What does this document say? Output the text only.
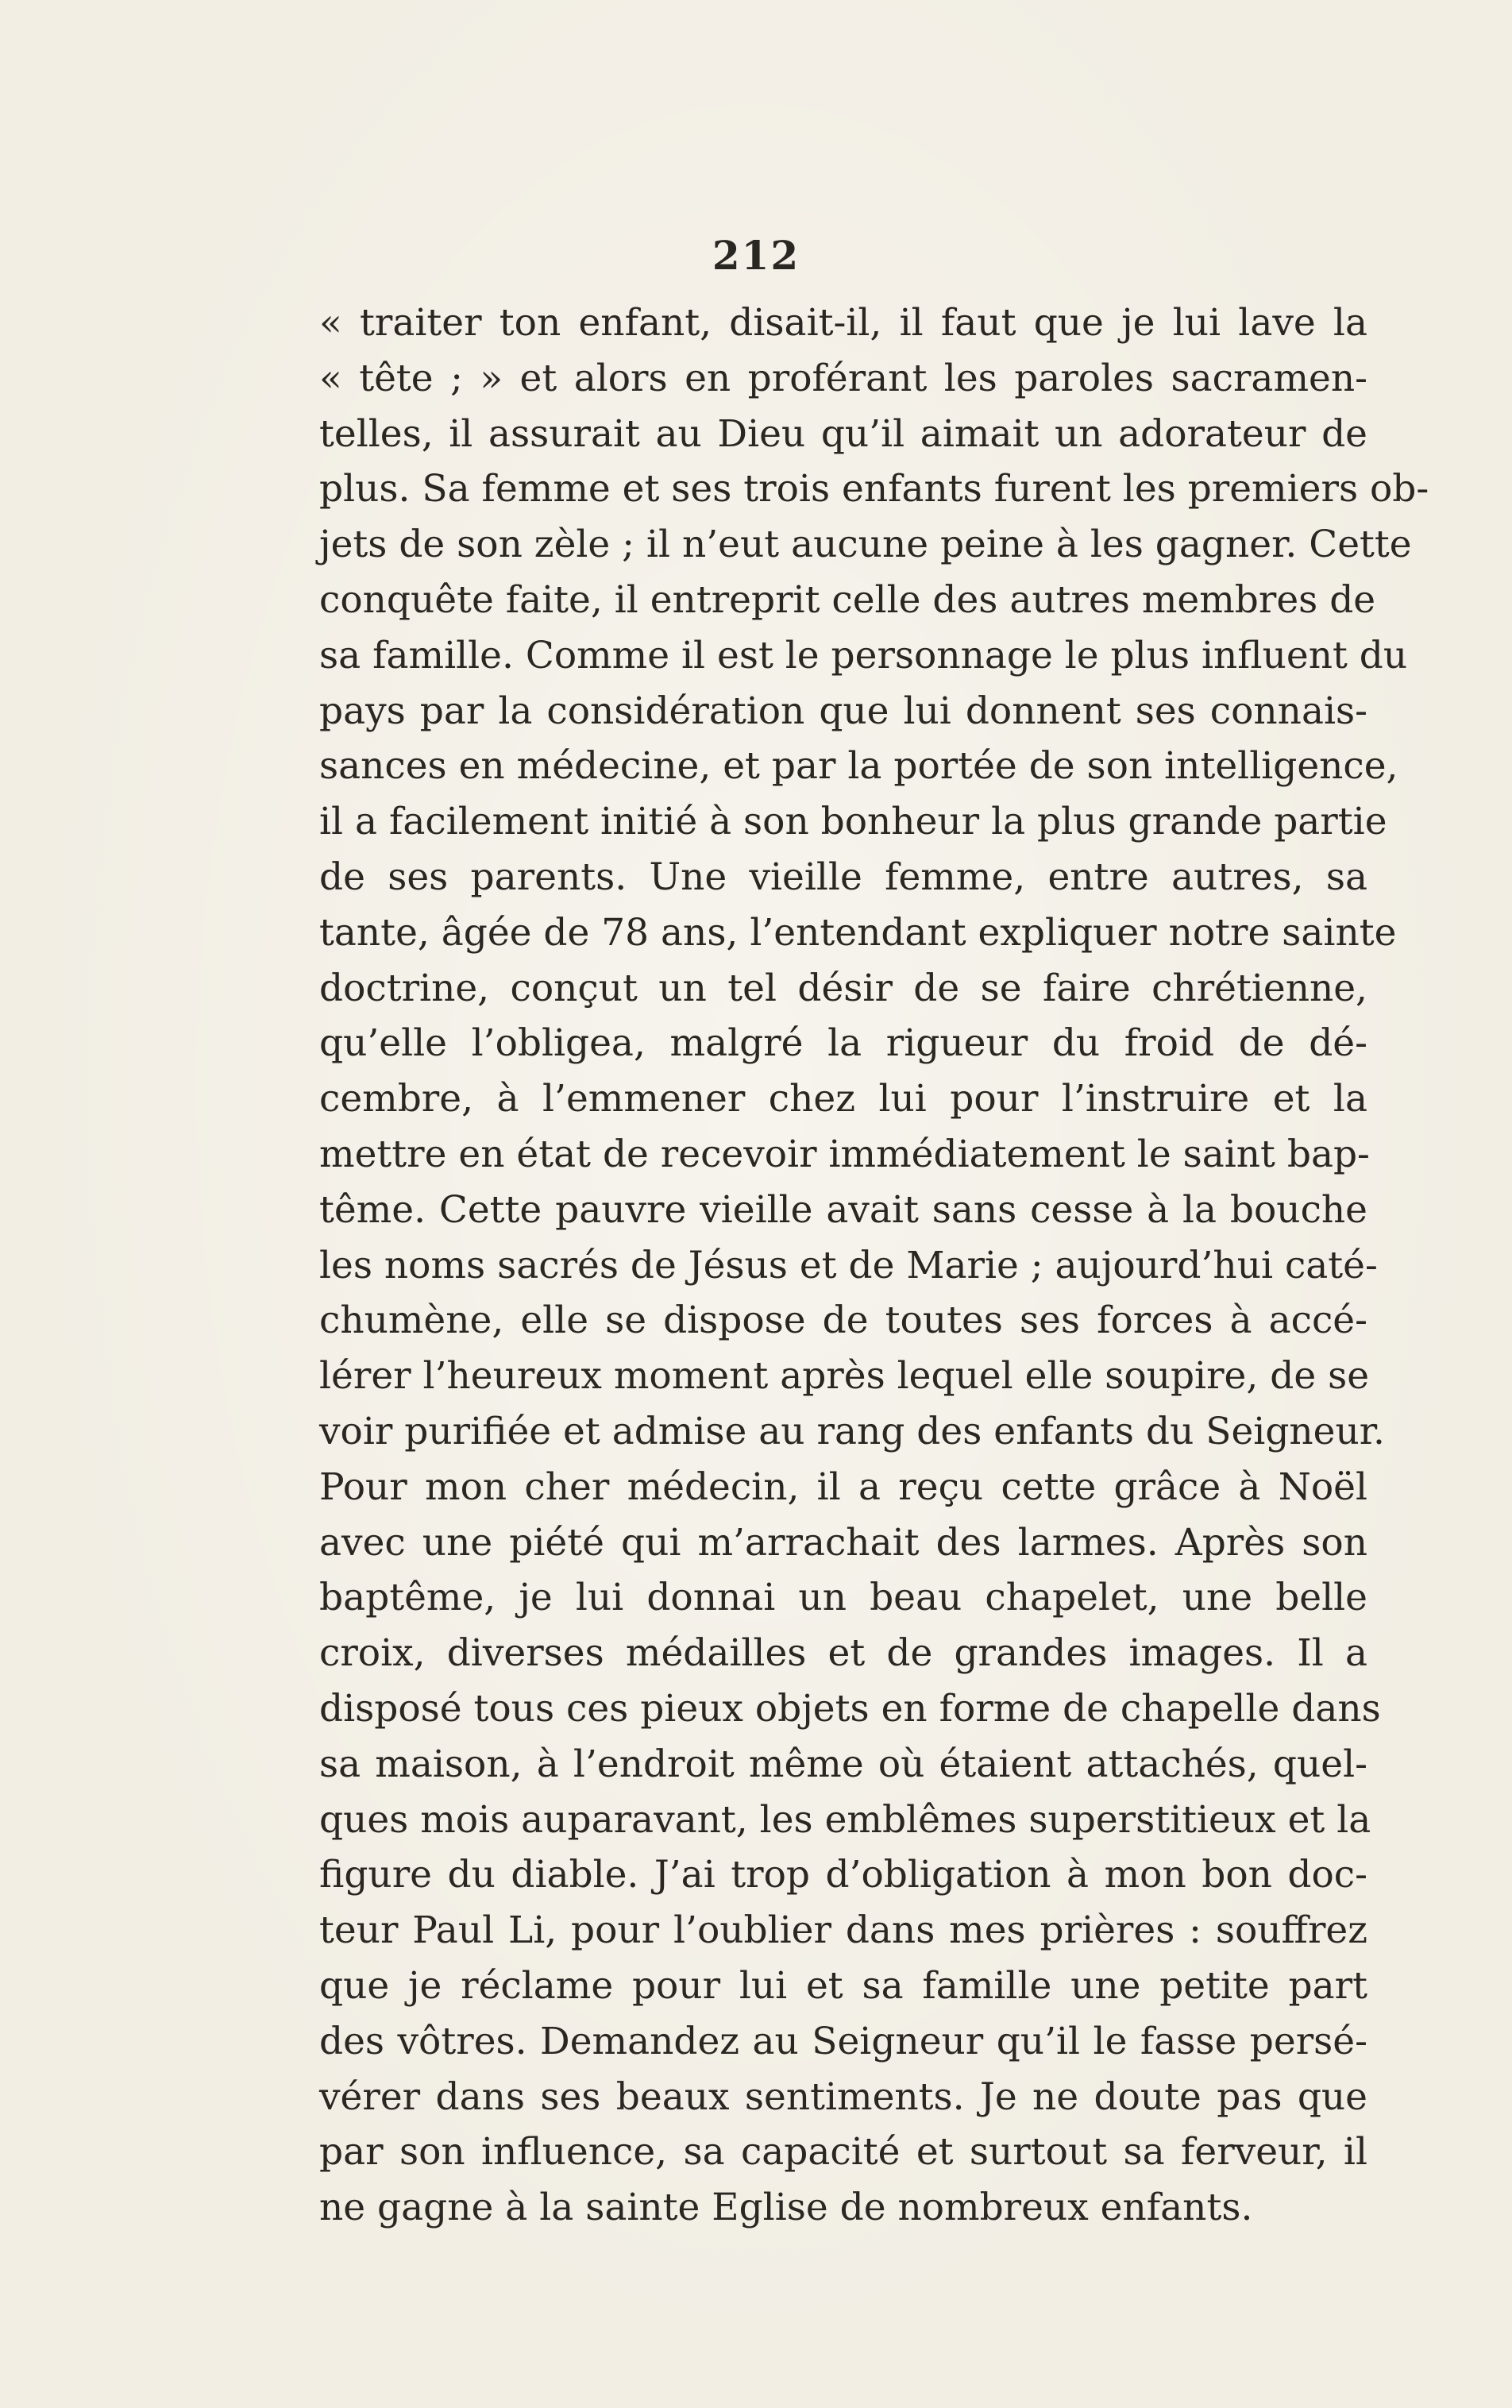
212
« traiter ton enfant, disait-il, il faut que je lui lave la
« tête ; » et alors en proférant les paroles sacramen-
telles, il assurait au Dieu qu’il aimait un adorateur de
plus. Sa femme et ses trois enfants furent les premiers ob-
jets de son zèle ; il n’eut aucune peine à les gagner. Cette
conquête faite, il entreprit celle des autres membres de
sa famille. Comme il est le personnage le plus influent du
pays par la considération que lui donnent ses connais-
sances en médecine, et par la portée de son intelligence,
il a facilement initié à son bonheur la plus grande partie
de ses parents. Une vieille femme, entre autres, sa
tante, âgée de 78 ans, l’entendant expliquer notre sainte
doctrine, conçut un tel désir de se faire chrétienne,
qu’elle l’obligea, malgré la rigueur du froid de dé-
cembre, à l’emmener chez lui pour l’instruire et la
mettre en état de recevoir immédiatement le saint bap-
tême. Cette pauvre vieille avait sans cesse à la bouche
les noms sacrés de Jésus et de Marie ; aujourd’hui caté-
chumène, elle se dispose de toutes ses forces à accé-
lérer l’heureux moment après lequel elle soupire, de se
voir purifiée et admise au rang des enfants du Seigneur.
Pour mon cher médecin, il a reçu cette grâce à Noël
avec une piété qui m’arrachait des larmes. Après son
baptême, je lui donnai un beau chapelet, une belle
croix, diverses médailles et de grandes images. Il a
disposé tous ces pieux objets en forme de chapelle dans
sa maison, à l’endroit même où étaient attachés, quel-
ques mois auparavant, les emblêmes superstitieux et la
figure du diable. J’ai trop d’obligation à mon bon doc-
teur Paul Li, pour l’oublier dans mes prières : souffrez
que je réclame pour lui et sa famille une petite part
des vôtres. Demandez au Seigneur qu’il le fasse persé-
vérer dans ses beaux sentiments. Je ne doute pas que
par son influence, sa capacité et surtout sa ferveur, il
ne gagne à la sainte Eglise de nombreux enfants.
